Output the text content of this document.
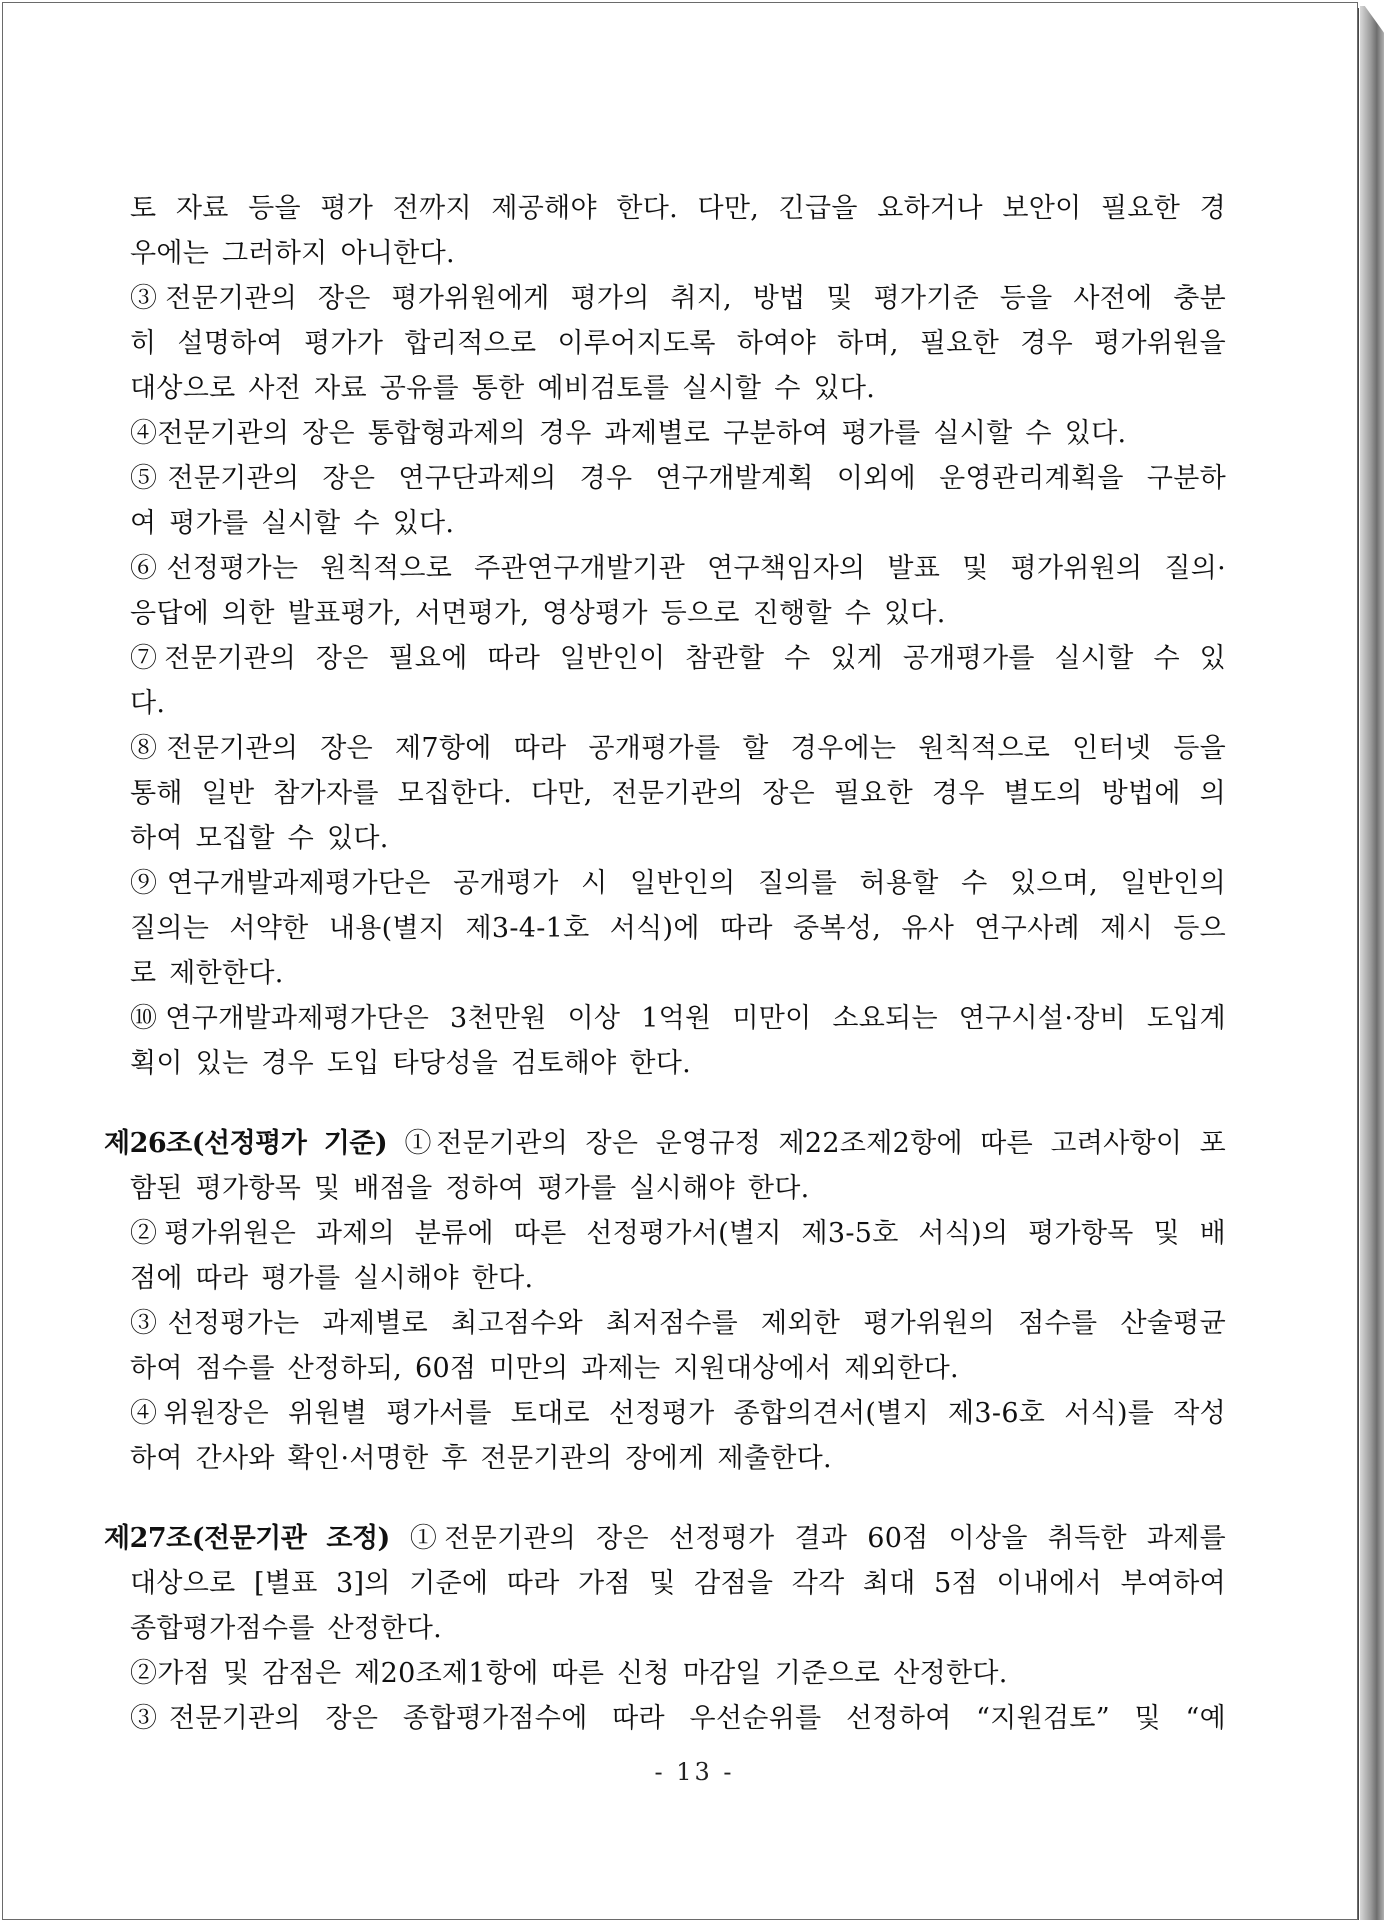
토 자료 등을 평가 전까지 제공해야 한다. 다만, 긴급을 요하거나 보안이 필요한 경
우에는 그러하지 아니한다.
③전문기관의 장은 평가위원에게 평가의 취지, 방법 및 평가기준 등을 사전에 충분
히 설명하여 평가가 합리적으로 이루어지도록 하여야 하며, 필요한 경우 평가위원을
대상으로 사전 자료 공유를 통한 예비검토를 실시할 수 있다.
④전문기관의 장은 통합형과제의 경우 과제별로 구분하여 평가를 실시할 수 있다.
⑤전문기관의 장은 연구단과제의 경우 연구개발계획 이외에 운영관리계획을 구분하
여 평가를 실시할 수 있다.
⑥선정평가는 원칙적으로 주관연구개발기관 연구책임자의 발표 및 평가위원의 질의·
응답에 의한 발표평가, 서면평가, 영상평가 등으로 진행할 수 있다.
⑦전문기관의 장은 필요에 따라 일반인이 참관할 수 있게 공개평가를 실시할 수 있
다.
⑧전문기관의 장은 제7항에 따라 공개평가를 할 경우에는 원칙적으로 인터넷 등을
통해 일반 참가자를 모집한다. 다만, 전문기관의 장은 필요한 경우 별도의 방법에 의
하여 모집할 수 있다.
⑨연구개발과제평가단은 공개평가 시 일반인의 질의를 허용할 수 있으며, 일반인의
질의는 서약한 내용(별지 제3-4-1호 서식)에 따라 중복성, 유사 연구사례 제시 등으
로 제한한다.
⑩연구개발과제평가단은 3천만원 이상 1억원 미만이 소요되는 연구시설·장비 도입계
획이 있는 경우 도입 타당성을 검토해야 한다.
제26조(선정평가 기준) ①전문기관의 장은 운영규정 제22조제2항에 따른 고려사항이 포
함된 평가항목 및 배점을 정하여 평가를 실시해야 한다.
②평가위원은 과제의 분류에 따른 선정평가서(별지 제3-5호 서식)의 평가항목 및 배
점에 따라 평가를 실시해야 한다.
③선정평가는 과제별로 최고점수와 최저점수를 제외한 평가위원의 점수를 산술평균
하여 점수를 산정하되, 60점 미만의 과제는 지원대상에서 제외한다.
④위원장은 위원별 평가서를 토대로 선정평가 종합의견서(별지 제3-6호 서식)를 작성
하여 간사와 확인·서명한 후 전문기관의 장에게 제출한다.
제27조(전문기관 조정) ①전문기관의 장은 선정평가 결과 60점 이상을 취득한 과제를
대상으로 [별표 3]의 기준에 따라 가점 및 감점을 각각 최대 5점 이내에서 부여하여
종합평가점수를 산정한다.
②가점 및 감점은 제20조제1항에 따른 신청 마감일 기준으로 산정한다.
③전문기관의 장은 종합평가점수에 따라 우선순위를 선정하여 “지원검토” 및 “예
- 13 -
